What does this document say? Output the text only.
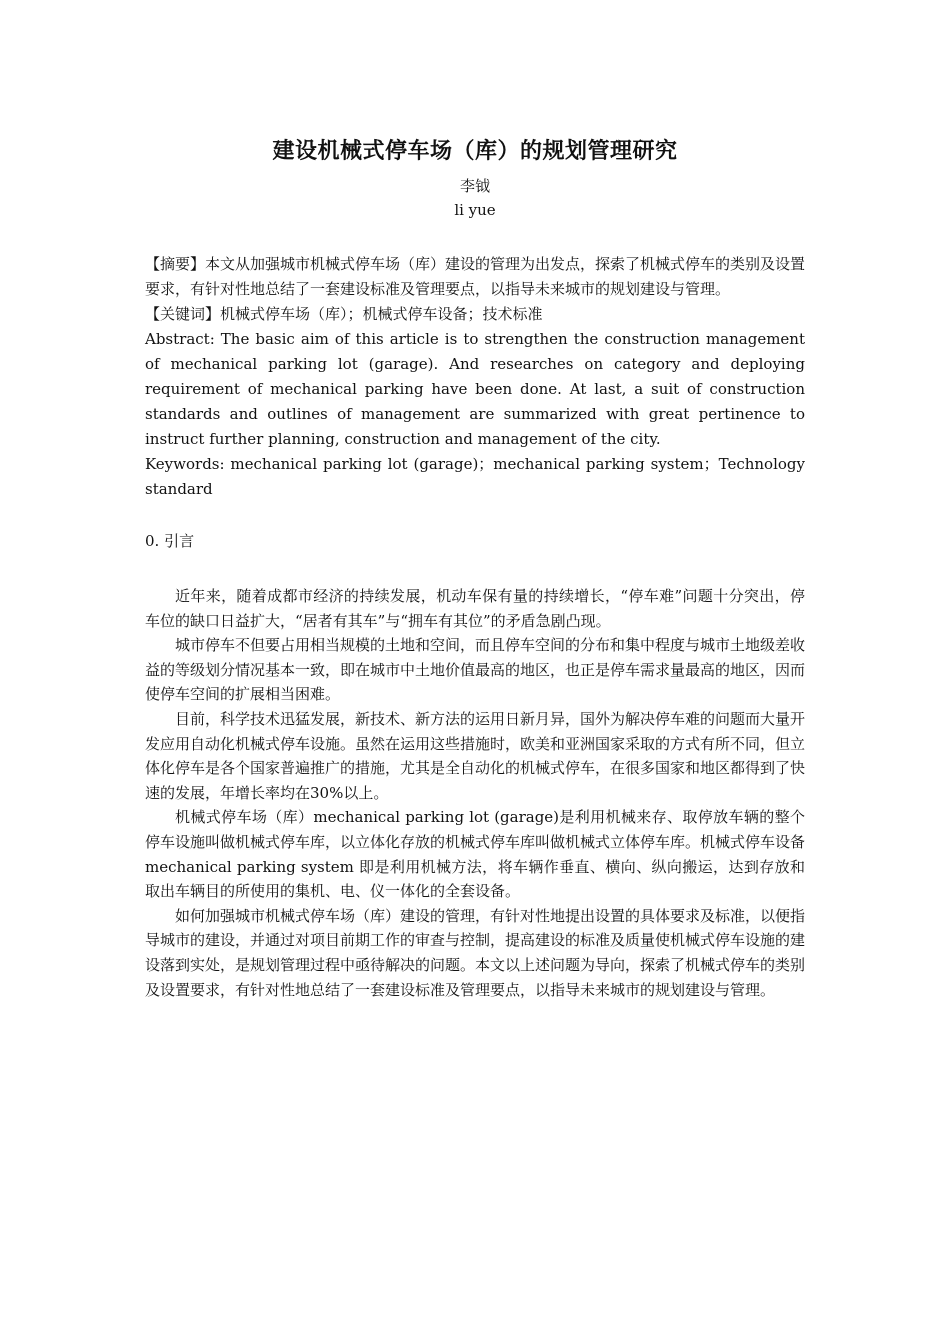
建设机械式停车场（库）的规划管理研究
李钺
li yue

【摘要】本文从加强城市机械式停车场（库）建设的管理为出发点，探索了机械式停车的类别及设置要求，有针对性地总结了一套建设标准及管理要点，以指导未来城市的规划建设与管理。

【关键词】机械式停车场（库）；机械式停车设备；技术标准

Abstract: The basic aim of this article is to strengthen the construction management of mechanical parking lot (garage). And researches on category and deploying requirement of mechanical parking have been done. At last, a suit of construction standards and outlines of management are summarized with great pertinence to instruct further planning, construction and management of the city.

Keywords: mechanical parking lot (garage)；mechanical parking system；Technology standard

0. 引言

近年来，随着成都市经济的持续发展，机动车保有量的持续增长，“停车难”问题十分突出，停车位的缺口日益扩大，“居者有其车”与“拥车有其位”的矛盾急剧凸现。

城市停车不但要占用相当规模的土地和空间，而且停车空间的分布和集中程度与城市土地级差收益的等级划分情况基本一致，即在城市中土地价值最高的地区，也正是停车需求量最高的地区，因而使停车空间的扩展相当困难。

目前，科学技术迅猛发展，新技术、新方法的运用日新月异，国外为解决停车难的问题而大量开发应用自动化机械式停车设施。虽然在运用这些措施时，欧美和亚洲国家采取的方式有所不同，但立体化停车是各个国家普遍推广的措施，尤其是全自动化的机械式停车，在很多国家和地区都得到了快速的发展，年增长率均在30%以上。

机械式停车场（库）mechanical parking lot (garage)是利用机械来存、取停放车辆的整个停车设施叫做机械式停车库，以立体化存放的机械式停车库叫做机械式立体停车库。机械式停车设备 mechanical parking system 即是利用机械方法，将车辆作垂直、横向、纵向搬运，达到存放和取出车辆目的所使用的集机、电、仪一体化的全套设备。

如何加强城市机械式停车场（库）建设的管理，有针对性地提出设置的具体要求及标准，以便指导城市的建设，并通过对项目前期工作的审查与控制，提高建设的标准及质量使机械式停车设施的建设落到实处，是规划管理过程中亟待解决的问题。本文以上述问题为导向，探索了机械式停车的类别及设置要求，有针对性地总结了一套建设标准及管理要点，以指导未来城市的规划建设与管理。
